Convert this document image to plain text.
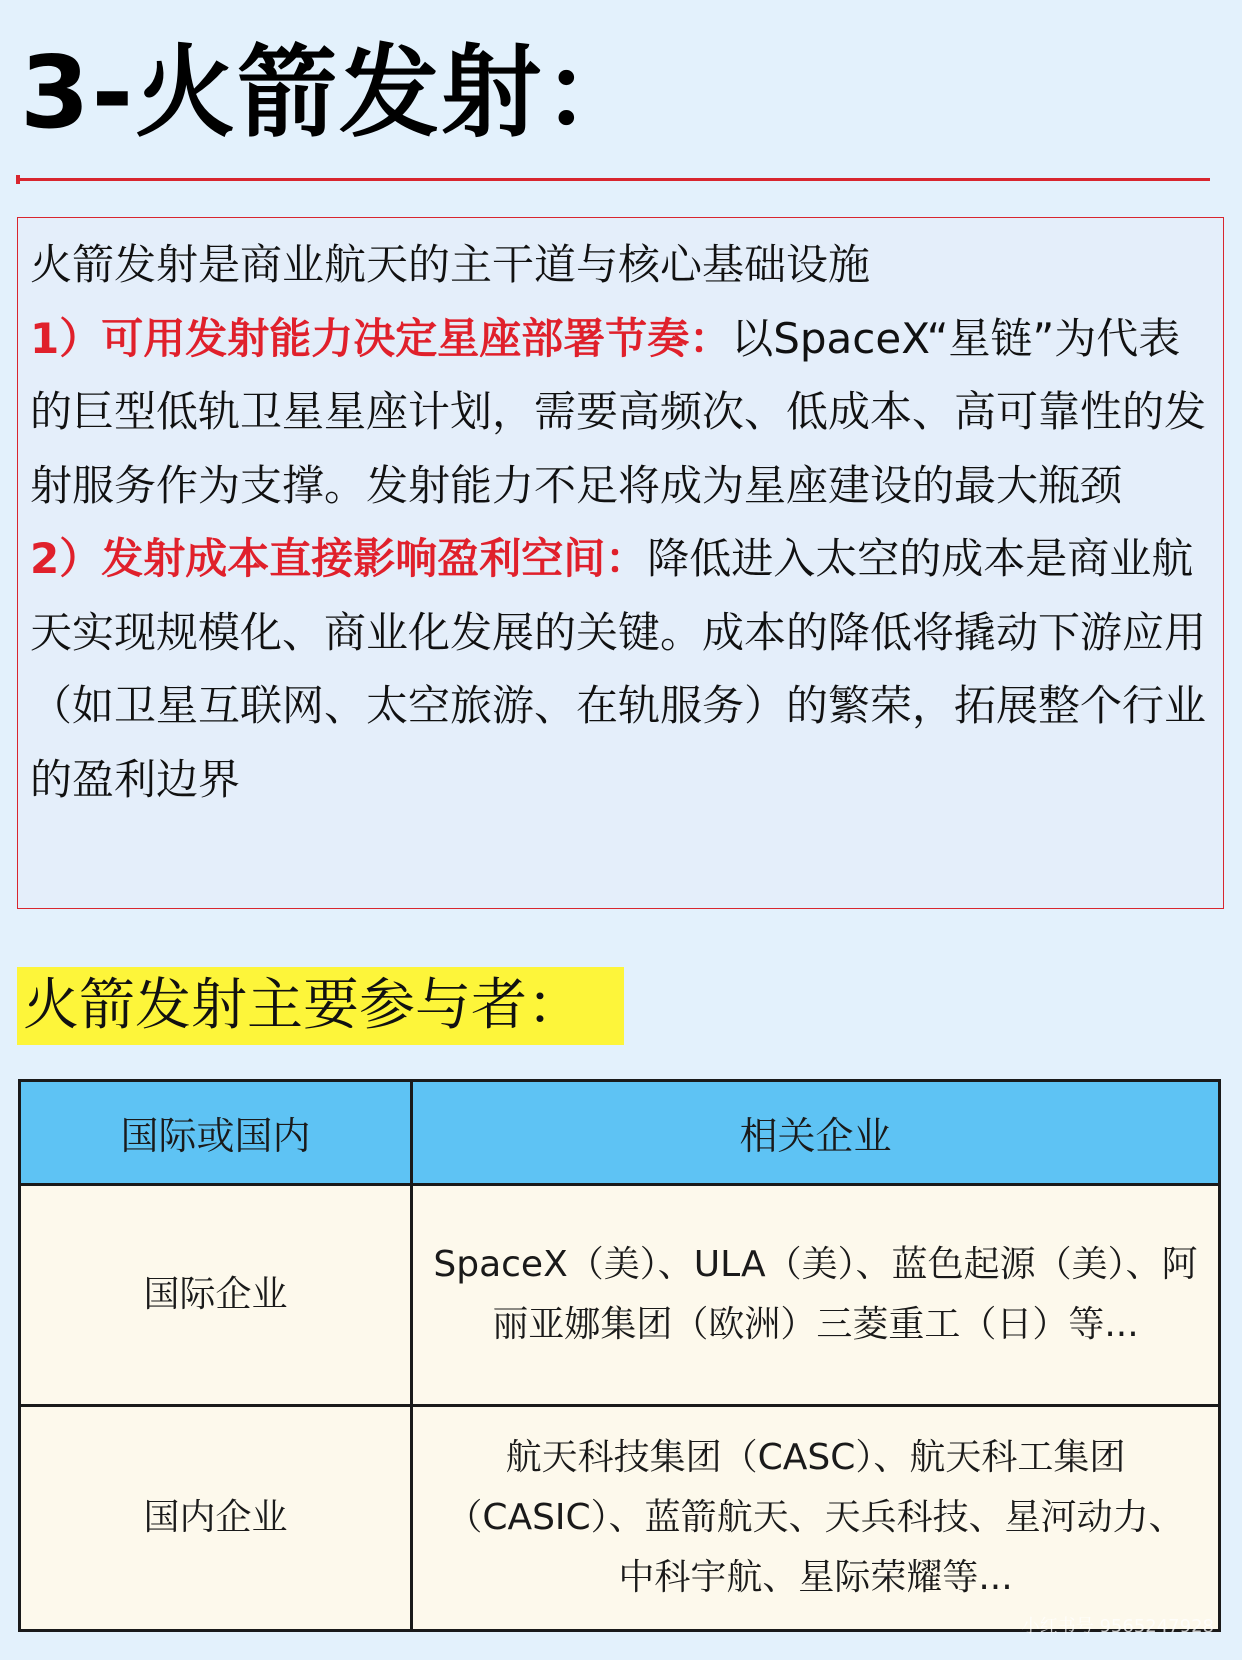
3-火箭发射：

火箭发射是商业航天的主干道与核心基础设施

1）可用发射能力决定星座部署节奏：以SpaceX“星链”为代表的巨型低轨卫星星座计划，需要高频次、低成本、高可靠性的发射服务作为支撑。发射能力不足将成为星座建设的最大瓶颈

2）发射成本直接影响盈利空间：降低进入太空的成本是商业航天实现规模化、商业化发展的关键。成本的降低将撬动下游应用（如卫星互联网、太空旅游、在轨服务）的繁荣，拓展整个行业的盈利边界

火箭发射主要参与者：
国际或国内	相关企业
国际企业	SpaceX（美）、ULA（美）、蓝色起源（美）、阿丽亚娜集团（欧洲）三菱重工（日）等...
国内企业	航天科技集团（CASC）、航天科工集团（CASIC）、蓝箭航天、天兵科技、星河动力、中科宇航、星际荣耀等...
小红书号 9565247928
